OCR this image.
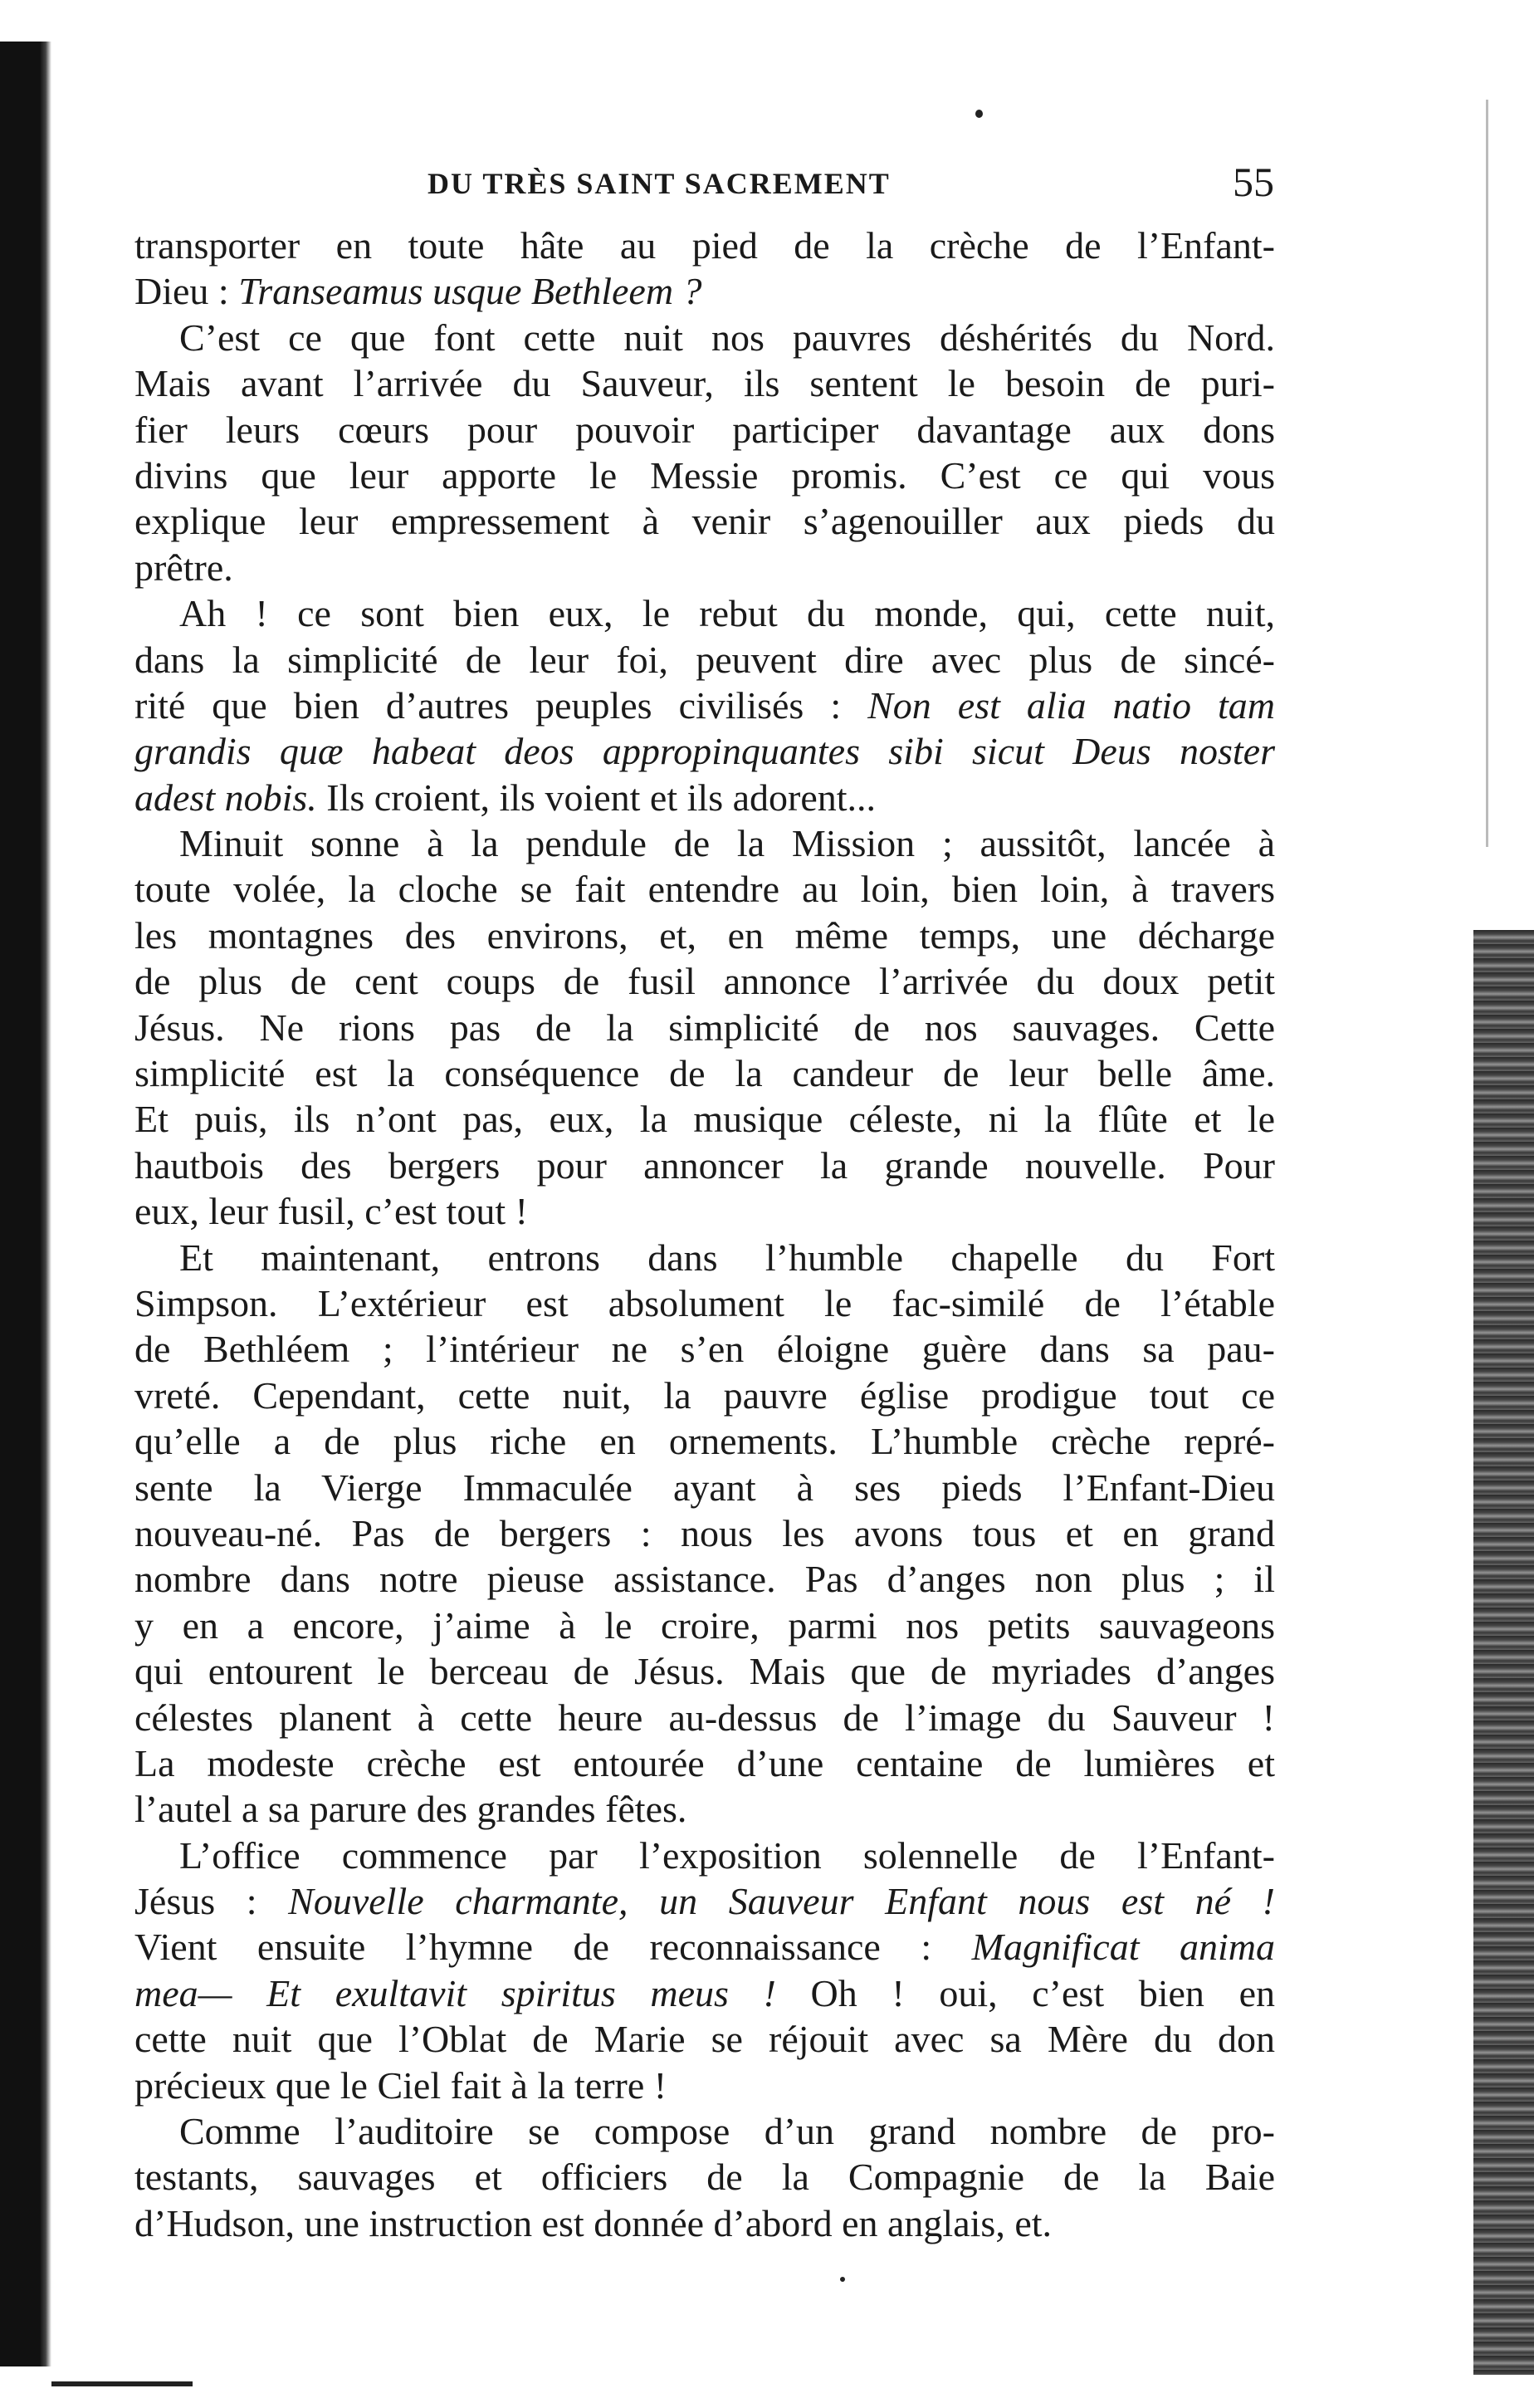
DU TRÈS SAINT SACREMENT	55
transporter en toute hâte au pied de la crèche de l’Enfant-
Dieu : Transeamus usque Bethleem ?
C’est ce que font cette nuit nos pauvres déshérités du Nord.
Mais avant l’arrivée du Sauveur, ils sentent le besoin de puri-
fier leurs cœurs pour pouvoir participer davantage aux dons
divins que leur apporte le Messie promis. C’est ce qui vous
explique leur empressement à venir s’agenouiller aux pieds du
prêtre.
Ah ! ce sont bien eux, le rebut du monde, qui, cette nuit,
dans la simplicité de leur foi, peuvent dire avec plus de sincé-
rité que bien d’autres peuples civilisés : Non est alia natio tam
grandis quæ habeat deos appropinquantes sibi sicut Deus noster
adest nobis. Ils croient, ils voient et ils adorent...
Minuit sonne à la pendule de la Mission ; aussitôt, lancée à
toute volée, la cloche se fait entendre au loin, bien loin, à travers
les montagnes des environs, et, en même temps, une décharge
de plus de cent coups de fusil annonce l’arrivée du doux petit
Jésus. Ne rions pas de la simplicité de nos sauvages. Cette
simplicité est la conséquence de la candeur de leur belle âme.
Et puis, ils n’ont pas, eux, la musique céleste, ni la flûte et le
hautbois des bergers pour annoncer la grande nouvelle. Pour
eux, leur fusil, c’est tout !
Et maintenant, entrons dans l’humble chapelle du Fort
Simpson. L’extérieur est absolument le fac-similé de l’étable
de Bethléem ; l’intérieur ne s’en éloigne guère dans sa pau-
vreté. Cependant, cette nuit, la pauvre église prodigue tout ce
qu’elle a de plus riche en ornements. L’humble crèche repré-
sente la Vierge Immaculée ayant à ses pieds l’Enfant-Dieu
nouveau-né. Pas de bergers : nous les avons tous et en grand
nombre dans notre pieuse assistance. Pas d’anges non plus ; il
y en a encore, j’aime à le croire, parmi nos petits sauvageons
qui entourent le berceau de Jésus. Mais que de myriades d’anges
célestes planent à cette heure au-dessus de l’image du Sauveur !
La modeste crèche est entourée d’une centaine de lumières et
l’autel a sa parure des grandes fêtes.
L’office commence par l’exposition solennelle de l’Enfant-
Jésus : Nouvelle charmante, un Sauveur Enfant nous est né !
Vient ensuite l’hymne de reconnaissance : Magnificat anima
mea— Et exultavit spiritus meus ! Oh ! oui, c’est bien en
cette nuit que l’Oblat de Marie se réjouit avec sa Mère du don
précieux que le Ciel fait à la terre !
Comme l’auditoire se compose d’un grand nombre de pro-
testants, sauvages et officiers de la Compagnie de la Baie
d’Hudson, une instruction est donnée d’abord en anglais, et.
